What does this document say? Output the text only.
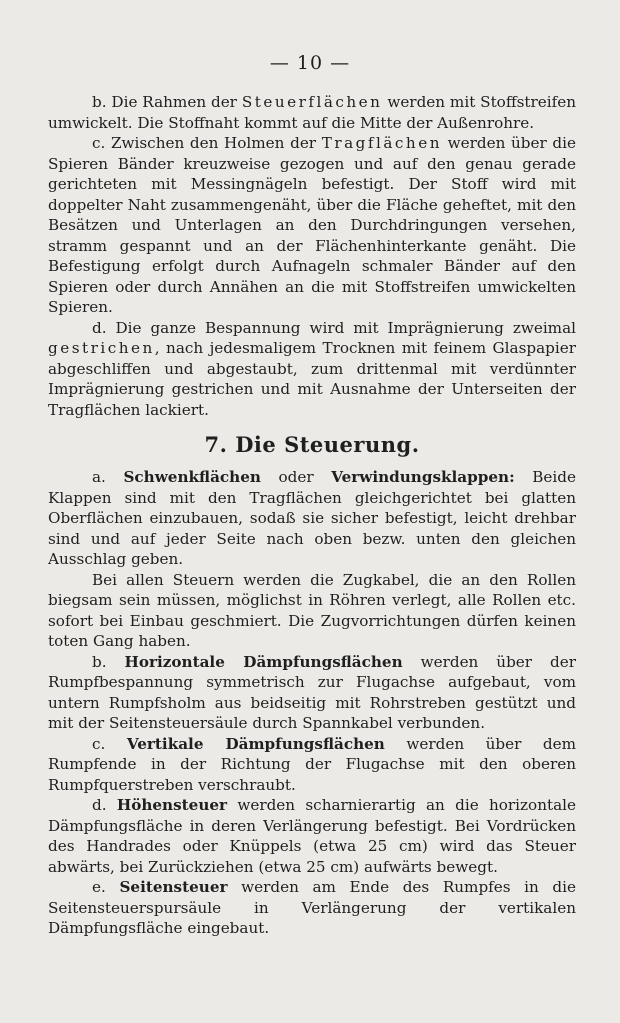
— 10 —

b. Die Rahmen der Steuerflächen werden mit Stoffstreifen umwickelt. Die Stoffnaht kommt auf die Mitte der Außenrohre.

c. Zwischen den Holmen der Tragflächen werden über die Spieren Bänder kreuzweise gezogen und auf den genau gerade gerichteten mit Messingnägeln befestigt. Der Stoff wird mit doppelter Naht zusammengenäht, über die Fläche geheftet, mit den Besätzen und Unterlagen an den Durchdringungen versehen, stramm gespannt und an der Flächenhinterkante genäht. Die Befestigung erfolgt durch Aufnageln schmaler Bänder auf den Spieren oder durch Annähen an die mit Stoffstreifen umwickelten Spieren.

d. Die ganze Bespannung wird mit Imprägnierung zweimal gestrichen, nach jedesmaligem Trocknen mit feinem Glaspapier abgeschliffen und abgestaubt, zum drittenmal mit verdünnter Imprägnierung gestrichen und mit Ausnahme der Unterseiten der Tragflächen lackiert.

7. Die Steuerung.

a. Schwenkflächen oder Verwindungsklappen: Beide Klappen sind mit den Tragflächen gleichgerichtet bei glatten Oberflächen einzubauen, sodaß sie sicher befestigt, leicht drehbar sind und auf jeder Seite nach oben bezw. unten den gleichen Ausschlag geben.

Bei allen Steuern werden die Zugkabel, die an den Rollen biegsam sein müssen, möglichst in Röhren verlegt, alle Rollen etc. sofort bei Einbau geschmiert. Die Zugvorrichtungen dürfen keinen toten Gang haben.

b. Horizontale Dämpfungsflächen werden über der Rumpfbespannung symmetrisch zur Flugachse aufgebaut, vom untern Rumpfsholm aus beidseitig mit Rohrstreben gestützt und mit der Seitensteuersäule durch Spannkabel verbunden.

c. Vertikale Dämpfungsflächen werden über dem Rumpfende in der Richtung der Flugachse mit den oberen Rumpfquerstreben verschraubt.

d. Höhensteuer werden scharnierartig an die horizontale Dämpfungsfläche in deren Verlängerung befestigt. Bei Vordrücken des Handrades oder Knüppels (etwa 25 cm) wird das Steuer abwärts, bei Zurückziehen (etwa 25 cm) aufwärts bewegt.

e. Seitensteuer werden am Ende des Rumpfes in die Seitensteuerspursäule in Verlängerung der vertikalen Dämpfungsfläche eingebaut.
